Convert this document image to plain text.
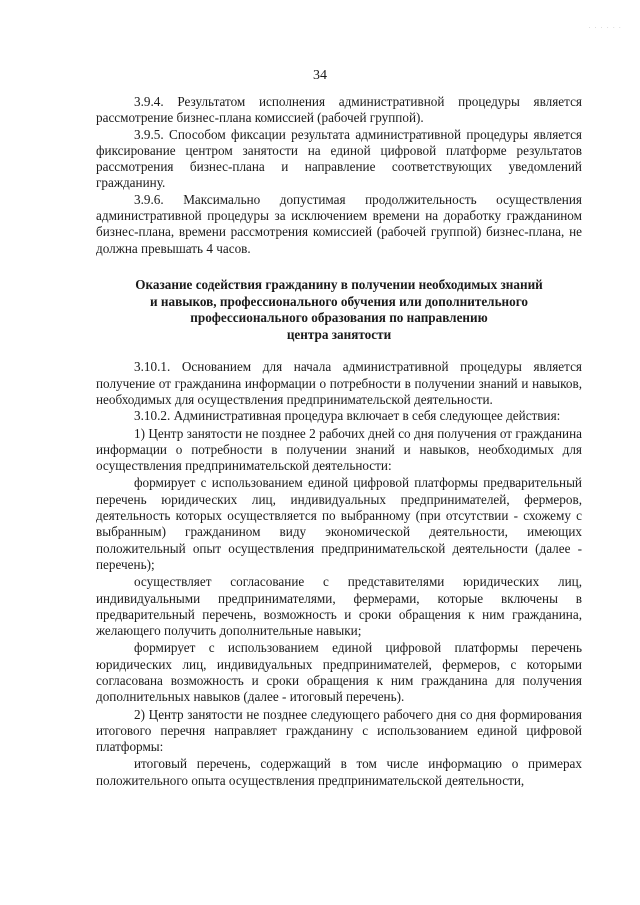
· · · · · ·
34

3.9.4. Результатом исполнения административной процедуры является рассмотрение бизнес-плана комиссией (рабочей группой).

3.9.5. Способом фиксации результата административной процедуры является фиксирование центром занятости на единой цифровой платформе результатов рассмотрения бизнес-плана и направление соответствующих уведомлений гражданину.

3.9.6. Максимально допустимая продолжительность осуществления административной процедуры за исключением времени на доработку гражданином бизнес-плана, времени рассмотрения комиссией (рабочей группой) бизнес-плана, не должна превышать 4 часов.

Оказание содействия гражданину в получении необходимых знаний
и навыков, профессионального обучения или дополнительного
профессионального образования по направлению
центра занятости

3.10.1. Основанием для начала административной процедуры является получение от гражданина информации о потребности в получении знаний и навыков, необходимых для осуществления предпринимательской деятельности.

3.10.2. Административная процедура включает в себя следующее действия:

1) Центр занятости не позднее 2 рабочих дней со дня получения от гражданина информации о потребности в получении знаний и навыков, необходимых для осуществления предпринимательской деятельности:

формирует с использованием единой цифровой платформы предварительный перечень юридических лиц, индивидуальных предпринимателей, фермеров, деятельность которых осуществляется по выбранному (при отсутствии - схожему с выбранным) гражданином виду экономической деятельности, имеющих положительный опыт осуществления предпринимательской деятельности (далее - перечень);

осуществляет согласование с представителями юридических лиц, индивидуальными предпринимателями, фермерами, которые включены в предварительный перечень, возможность и сроки обращения к ним гражданина, желающего получить дополнительные навыки;

формирует с использованием единой цифровой платформы перечень юридических лиц, индивидуальных предпринимателей, фермеров, с которыми согласована возможность и сроки обращения к ним гражданина для получения дополнительных навыков (далее - итоговый перечень).

2) Центр занятости не позднее следующего рабочего дня со дня формирования итогового перечня направляет гражданину с использованием единой цифровой платформы:

итоговый перечень, содержащий в том числе информацию о примерах положительного опыта осуществления предпринимательской деятельности,
